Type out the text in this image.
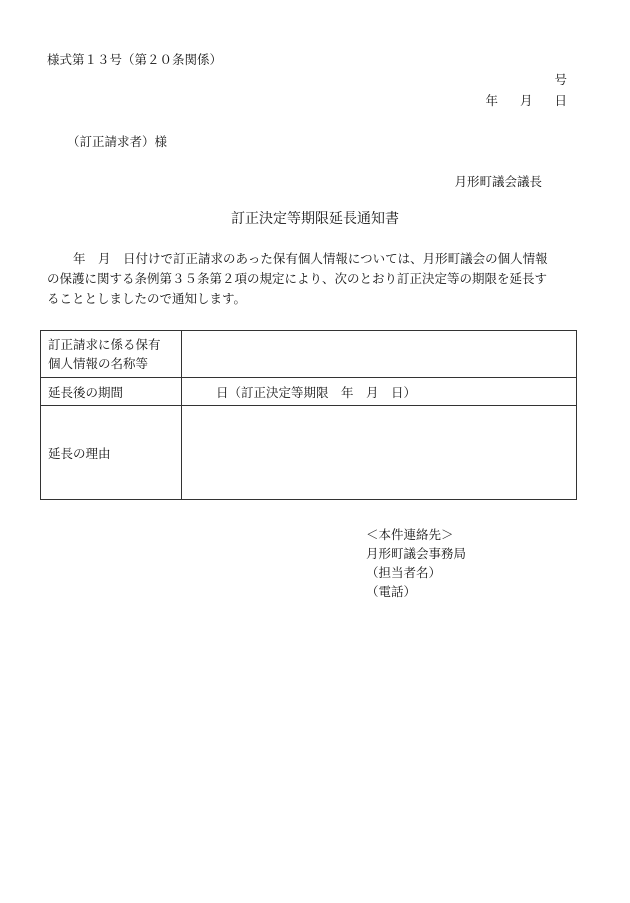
様式第１３号（第２０条関係）
号
年 月 日
（訂正請求者）様
月形町議会議長
訂正決定等期限延長通知書
年　月　日付けで訂正請求のあった保有個人情報については、月形町議会の個人情報
の保護に関する条例第３５条第２項の規定により、次のとおり訂正決定等の期限を延長す
ることとしましたので通知します。
訂正請求に係る保有
個人情報の名称等	

延長後の期間	日（訂正決定等期限　年　月　日）
延長の理由	
＜本件連絡先＞
月形町議会事務局
（担当者名）
（電話）
